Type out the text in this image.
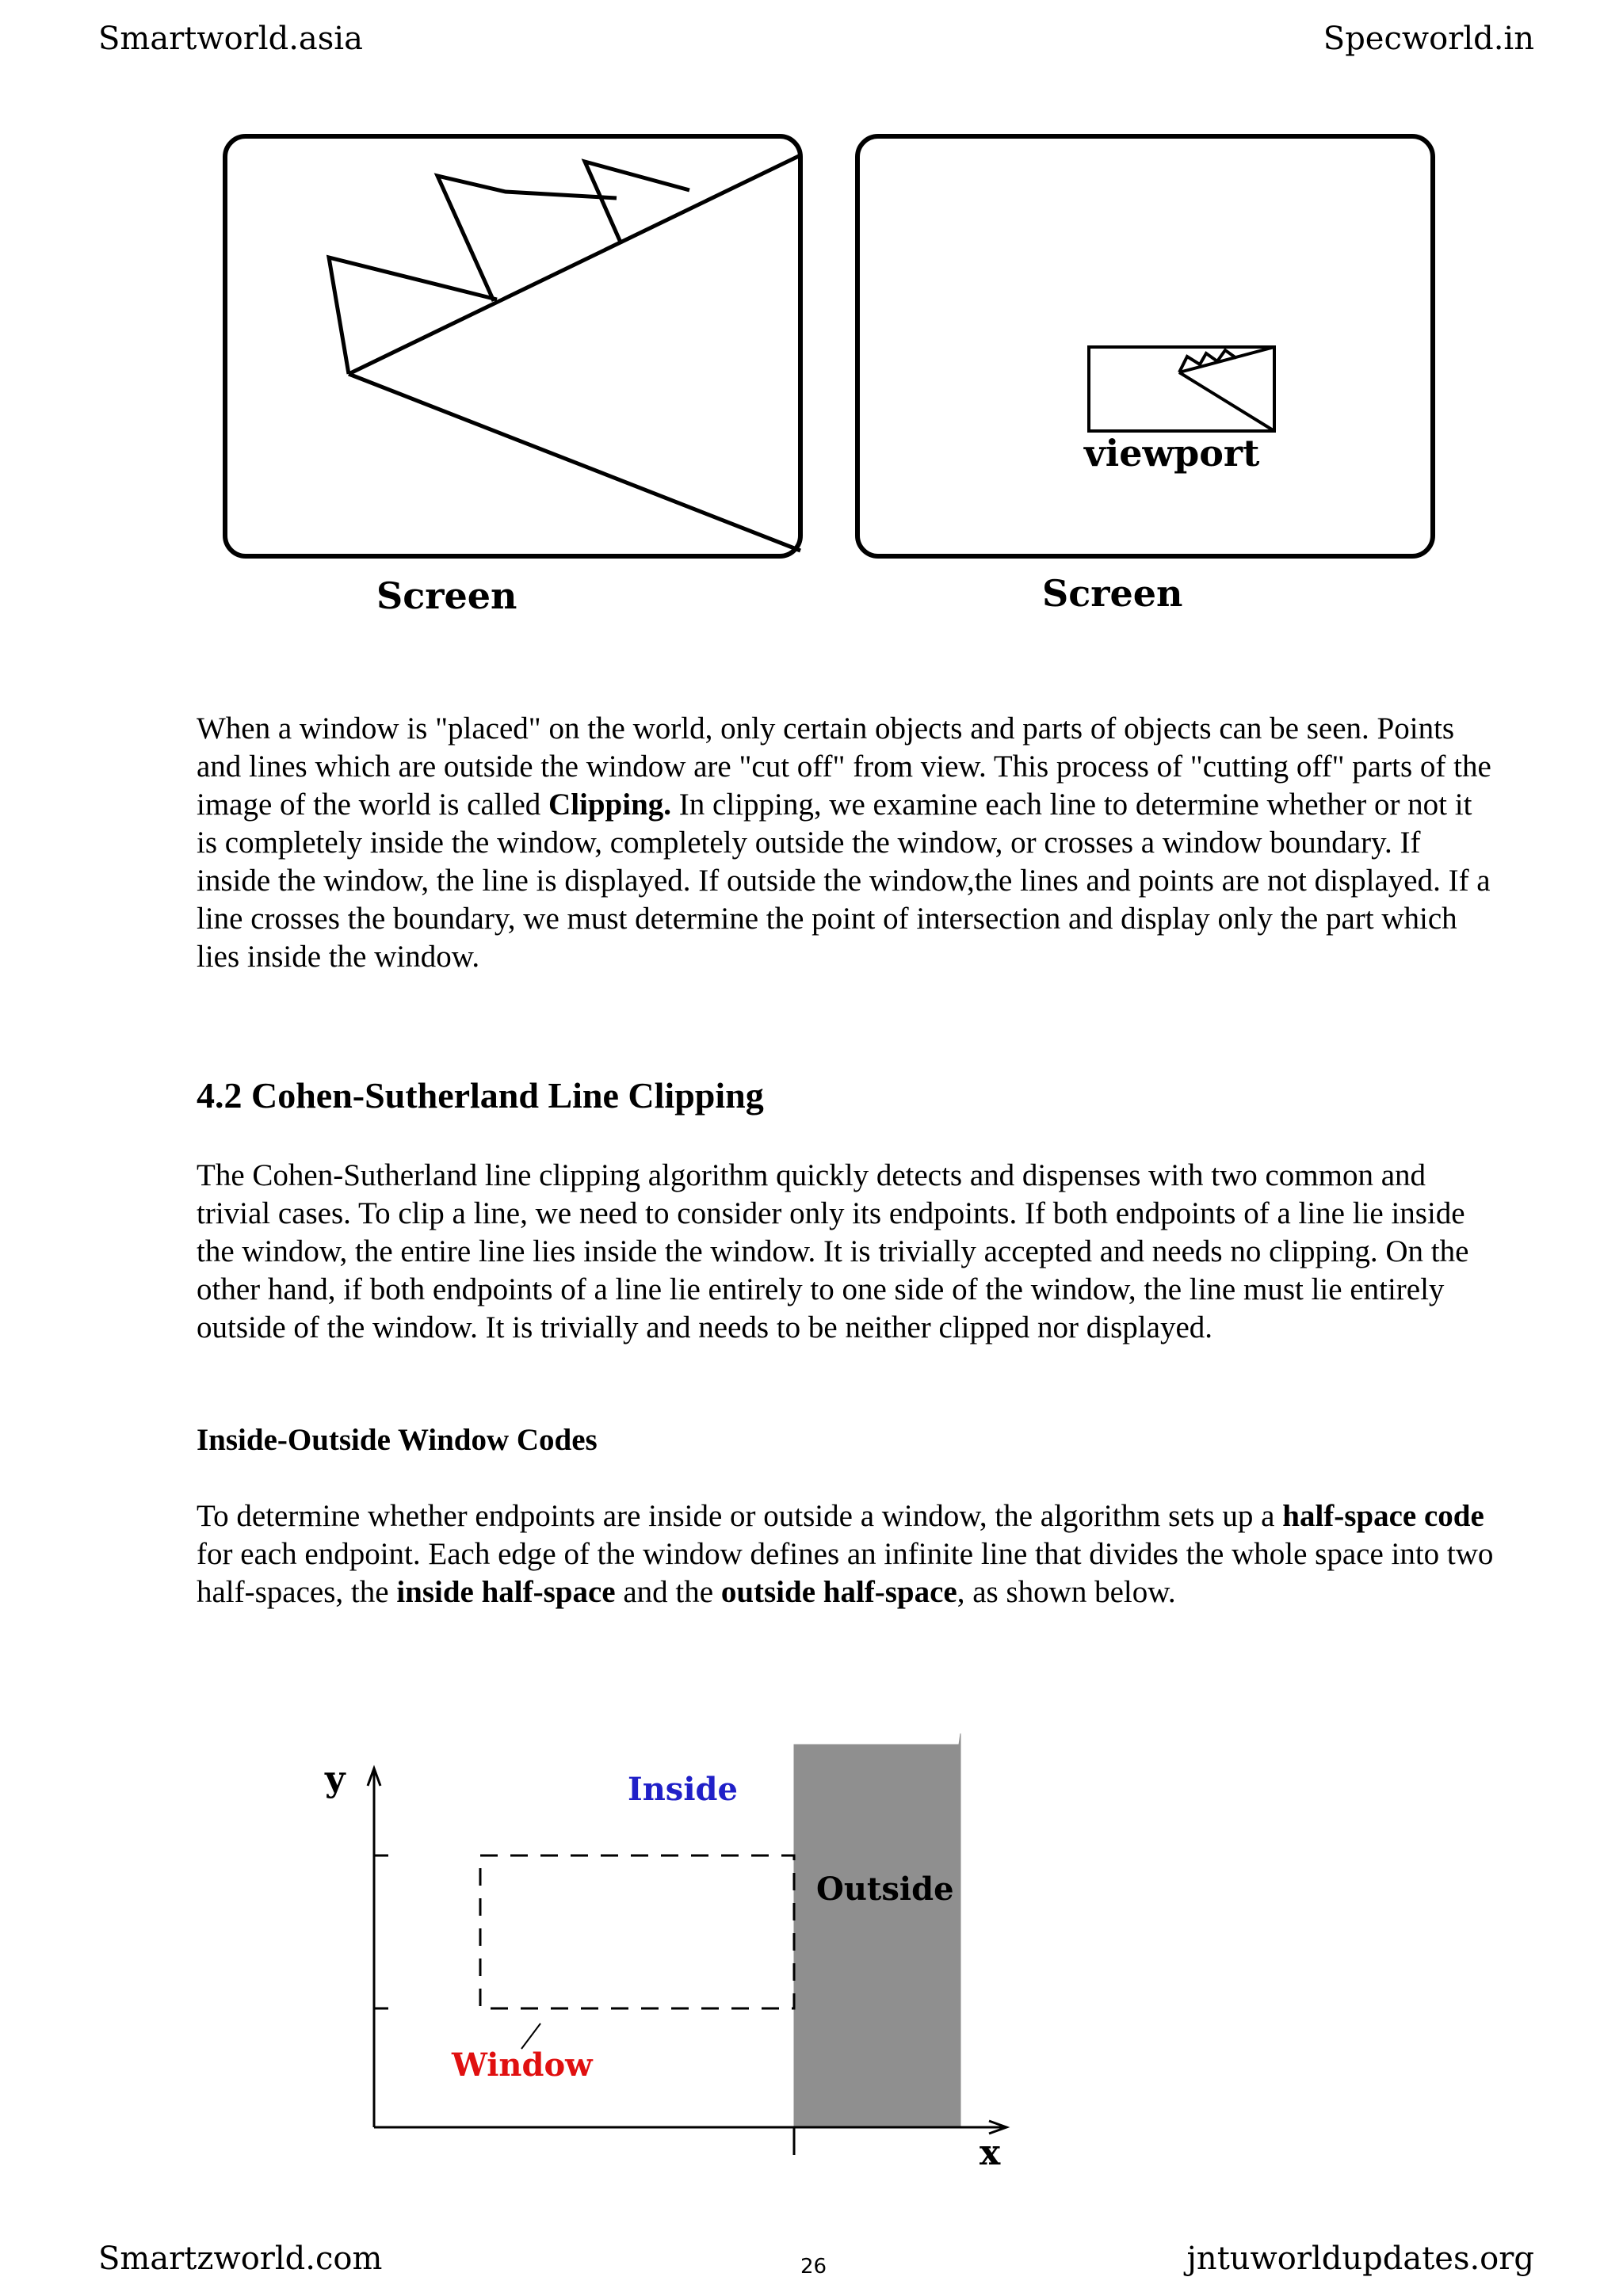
Smartworld.asia	Specworld.in
Screen
viewport
Screen

When a window is "placed" on the world, only certain objects and parts of objects can be seen. Points and lines which are outside the window are "cut off" from view. This process of "cutting off" parts of the image of the world is called Clipping. In clipping, we examine each line to determine whether or not it is completely inside the window, completely outside the window, or crosses a window boundary. If inside the window, the line is displayed. If outside the window,the lines and points are not displayed. If a line crosses the boundary, we must determine the point of intersection and display only the part which lies inside the window.

4.2 Cohen-Sutherland Line Clipping

The Cohen-Sutherland line clipping algorithm quickly detects and dispenses with two common and trivial cases. To clip a line, we need to consider only its endpoints. If both endpoints of a line lie inside the window, the entire line lies inside the window. It is trivially accepted and needs no clipping. On the other hand, if both endpoints of a line lie entirely to one side of the window, the line must lie entirely outside of the window. It is trivially and needs to be neither clipped nor displayed.

Inside-Outside Window Codes

To determine whether endpoints are inside or outside a window, the algorithm sets up a half-space code for each endpoint. Each edge of the window defines an infinite line that divides the whole space into two half-spaces, the inside half-space and the outside half-space, as shown below.

y
x
Inside
Outside
Window
Smartzworld.com	26	jntuworldupdates.org
